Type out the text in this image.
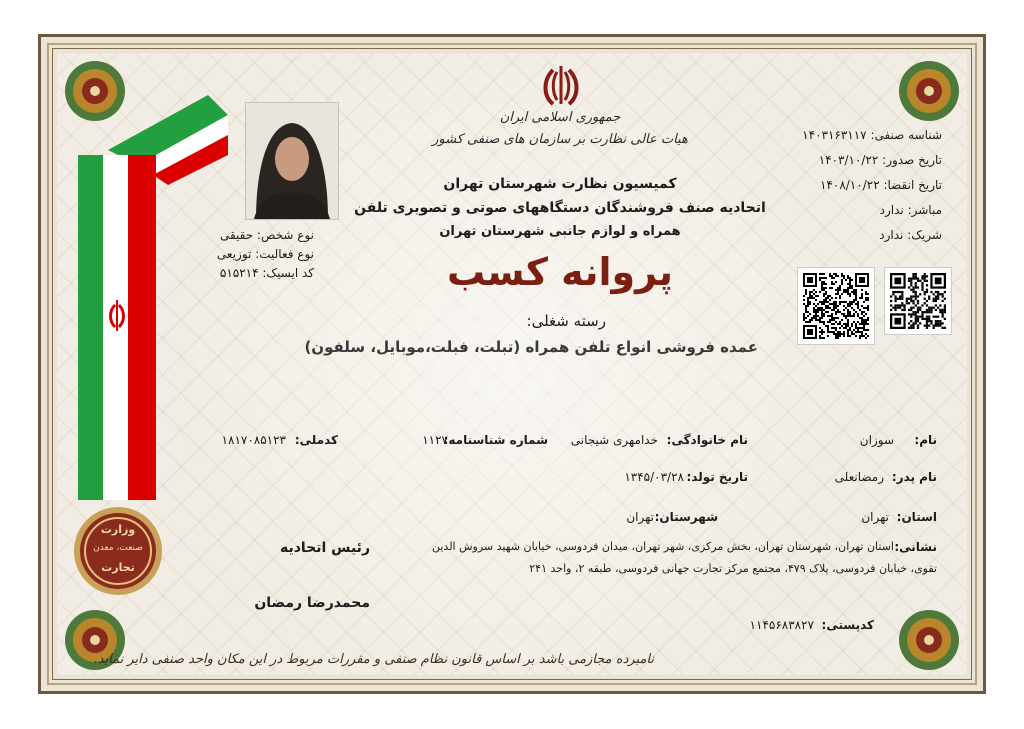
وزارت
صنعت، معدن
تجارت
جمهوری اسلامی ایران
هیات عالی نظارت بر سازمان های صنفی کشور
کمیسیون نظارت شهرستان تهران
اتحادیه صنف فروشندگان دستگاههای صوتی و تصویری تلفن
همراه و لوازم جانبی شهرستان تهران
پروانه کسب
رسته شغلی:
عمده فروشی انواع تلفن همراه (تبلت، فبلت،موبایل، سلفون)
نوع شخص: حقیقی
نوع فعالیت: توزیعی
کد ایسیک: ۵۱۵۲۱۴
شناسه صنفی: ۱۴۰۳۱۶۳۱۱۷
تاریخ صدور: ۱۴۰۳/۱۰/۲۲
تاریخ انقضا: ۱۴۰۸/۱۰/۲۲
مباشر: ندارد
شریک: ندارد
نام:
سوزان
نام خانوادگی:
خدامهری شیجانی
شماره شناسنامه:
۱۱۲۷
کدملی:
۱۸۱۷۰۸۵۱۲۳
نام پدر:
رمضانعلی
تاریخ تولد:
۱۳۴۵/۰۳/۲۸
استان:
تهران
شهرستان:
تهران
نشانی:
استان تهران، شهرستان تهران، بخش مرکزی، شهر تهران، میدان فردوسی، خیابان شهید سروش الدین
تقوی، خیابان فردوسی، پلاک ۴۷۹، مجتمع مرکز تجارت جهانی فردوسی، طبقه ۲، واحد ۲۴۱
کدپستی:
۱۱۴۵۶۸۳۸۲۷
رئیس اتحادیه
محمدرضا رمضان
نامبرده مجازمی باشد بر اساس قانون نظام صنفی و مقررات مربوط در این مکان واحد صنفی دایر نماید.
